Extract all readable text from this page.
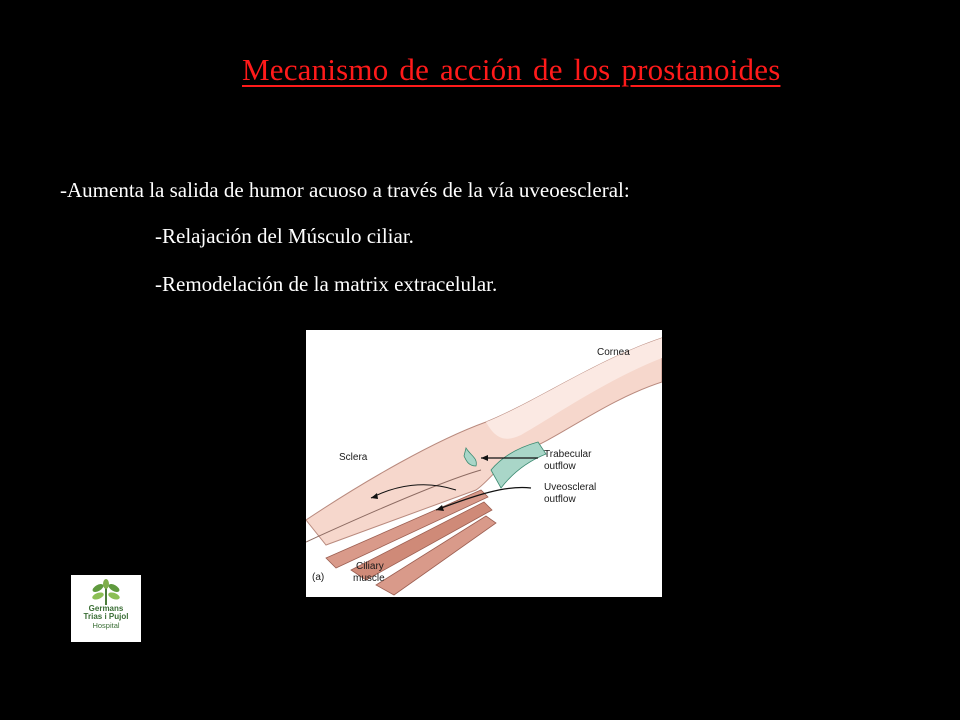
Mecanismo de acción de los prostanoides
-Aumenta la salida de humor acuoso a través de la vía uveoescleral:
-Relajación del Músculo ciliar.
-Remodelación de la matrix extracelular.
Cornea
Sclera	Trabecular
outflow
Uveoscleral
outflow
Ciliary
muscle
(a)
Germans
Trias i Pujol
Hospital
